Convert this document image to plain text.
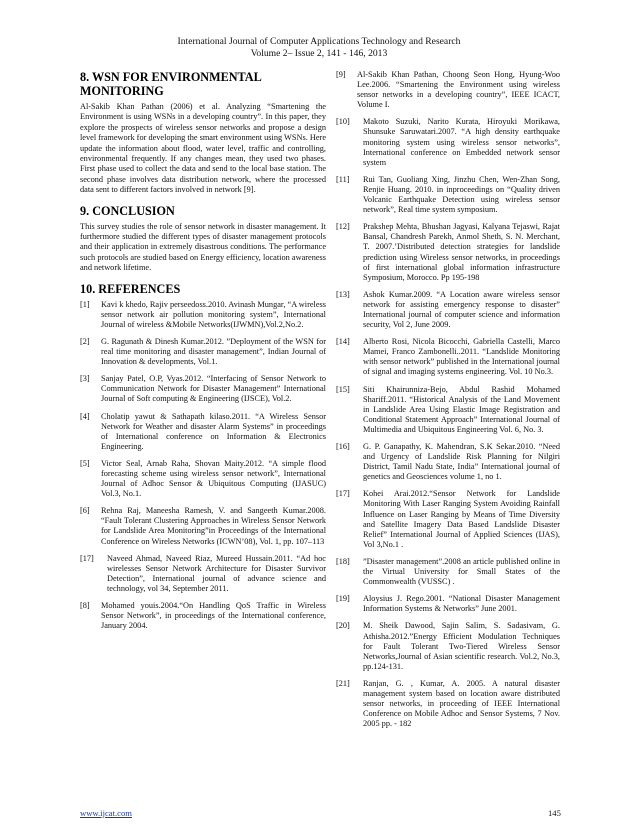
International Journal of Computer Applications Technology and Research
Volume 2– Issue 2, 141 - 146, 2013
8. WSN FOR ENVIRONMENTAL MONITORING

Al-Sakib Khan Pathan (2006) et al. Analyzing “Smartening the Environment is using WSNs in a developing country”. In this paper, they explore the prospects of wireless sensor networks and propose a design level framework for developing the smart environment using WSNs. Here update the information about flood, water level, traffic and controlling, environmental frequently. If any changes mean, they used two phases. First phase used to collect the data and send to the local base station. The second phase involves data distribution network, where the processed data sent to different factors involved in network [9].

9. CONCLUSION

This survey studies the role of sensor network in disaster management. It furthermore studied the different types of disaster management protocols and their application in extremely disastrous conditions. The performance such protocols are studied based on Energy efficiency, location awareness and network lifetime.

10. REFERENCES
[1] Kavi k khedo, Rajiv perseedoss.2010. Avinash Mungar, “A wireless sensor network air pollution monitoring system”, International Journal of wireless &Mobile Networks(IJWMN),Vol.2,No.2.
[2] G. Ragunath & Dinesh Kumar.2012. ”Deployment of the WSN for real time monitoring and disaster management”, Indian Journal of Innovation & developments, Vol.1.
[3] Sanjay Patel, O.P, Vyas.2012. “Interfacing of Sensor Network to Communication Network for Disaster Management” International Journal of Soft computing & Engineering (IJSCE), Vol.2.
[4] Cholatip yawut & Sathapath kilaso.2011. “A Wireless Sensor Network for Weather and disaster Alarm Systems” in proceedings of International conference on Information & Electronics Engineering.
[5] Victor Seal, Arnab Raha, Shovan Maity.2012. “A simple flood forecasting scheme using wireless sensor network”, International Journal of Adhoc Sensor & Ubiquitous Computing (IJASUC) Vol.3, No.1.
[6] Rehna Raj, Maneesha Ramesh, V. and Sangeeth Kumar.2008. “Fault Tolerant Clustering Approaches in Wireless Sensor Network for Landslide Area Monitoring”in Proceedings of the International Conference on Wireless Networks (ICWN’08), Vol. 1, pp. 107–113
[17] Naveed Ahmad, Naveed Riaz, Mureed Hussain.2011. “Ad hoc wirelesses Sensor Network Architecture for Disaster Survivor Detection”, International journal of advance science and technology, vol 34, September 2011.
[8] Mohamed youis.2004.“On Handling QoS Traffic in Wireless Sensor Network”, in proceedings of the International conference, January 2004.
[9] Al-Sakib Khan Pathan, Choong Seon Hong, Hyung-Woo Lee.2006. “Smartening the Environment using wireless sensor networks in a developing country”, IEEE ICACT, Volume I.
[10] Makoto Suzuki, Narito Kurata, Hiroyuki Morikawa, Shunsuke Saruwatari.2007. “A high density earthquake monitoring system using wireless sensor networks”, International conference on Embedded network sensor system
[11] Rui Tan, Guoliang Xing, Jinzhu Chen, Wen-Zhan Song, Renjie Huang. 2010. in inproceedings on “Quality driven Volcanic Earthquake Detection using wireless sensor network”, Real time system symposium.
[12] Prakshep Mehta, Bhushan Jagyasi, Kalyana Tejaswi, Rajat Bansal, Chandresh Parekh, Anmol Sheth, S. N. Merchant, T. 2007.’Distributed detection strategies for landslide prediction using Wireless sensor networks, in proceedings of first international global information infrastructure Symposium, Morocco. Pp 195-198
[13] Ashok Kumar.2009. “A Location aware wireless sensor network for assisting emergency response to disaster” International journal of computer science and information security, Vol 2, June 2009.
[14] Alberto Rosi, Nicola Bicocchi, Gabriella Castelli, Marco Mamei, Franco Zambonelli..2011. “Landslide Monitoring with sensor network” published in the International journal of signal and imaging systems engineering. Vol. 10 No.3.
[15] Siti Khairunniza-Bejo, Abdul Rashid Mohamed Shariff.2011. “Historical Analysis of the Land Movement in Landslide Area Using Elastic Image Registration and Conditional Statement Approach” International Journal of Multimedia and Ubiquitous Engineering Vol. 6, No. 3.
[16] G. P. Ganapathy, K. Mahendran, S.K Sekar.2010. “Need and Urgency of Landslide Risk Planning for Nilgiri District, Tamil Nadu State, India” International journal of genetics and Geosciences volume 1, no 1.
[17] Kohei Arai.2012.“Sensor Network for Landslide Monitoring With Laser Ranging System Avoiding Rainfall Influence on Laser Ranging by Means of Time Diversity and Satellite Imagery Data Based Landslide Disaster Relief” International Journal of Applied Sciences (IJAS), Vol 3,No.1 .
[18] ”Disaster management”.2008 an article published online in the Virtual University for Small States of the Commonwealth (VUSSC) .
[19] Aloysius J. Rego.2001. “National Disaster Management Information Systems & Networks” June 2001.
[20] M. Sheik Dawood, Sajin Salim, S. Sadasivam, G. Athisha.2012.”Energy Efficient Modulation Techniques for Fault Tolerant Two-Tiered Wireless Sensor Networks,Journal of Asian scientific research. Vol.2, No.3, pp.124-131.
[21] Ranjan, G. , Kumar, A. 2005. A natural disaster management system based on location aware distributed sensor networks, in proceeding of IEEE International Conference on Mobile Adhoc and Sensor Systems, 7 Nov. 2005 pp. - 182
www.ijcat.com	145
